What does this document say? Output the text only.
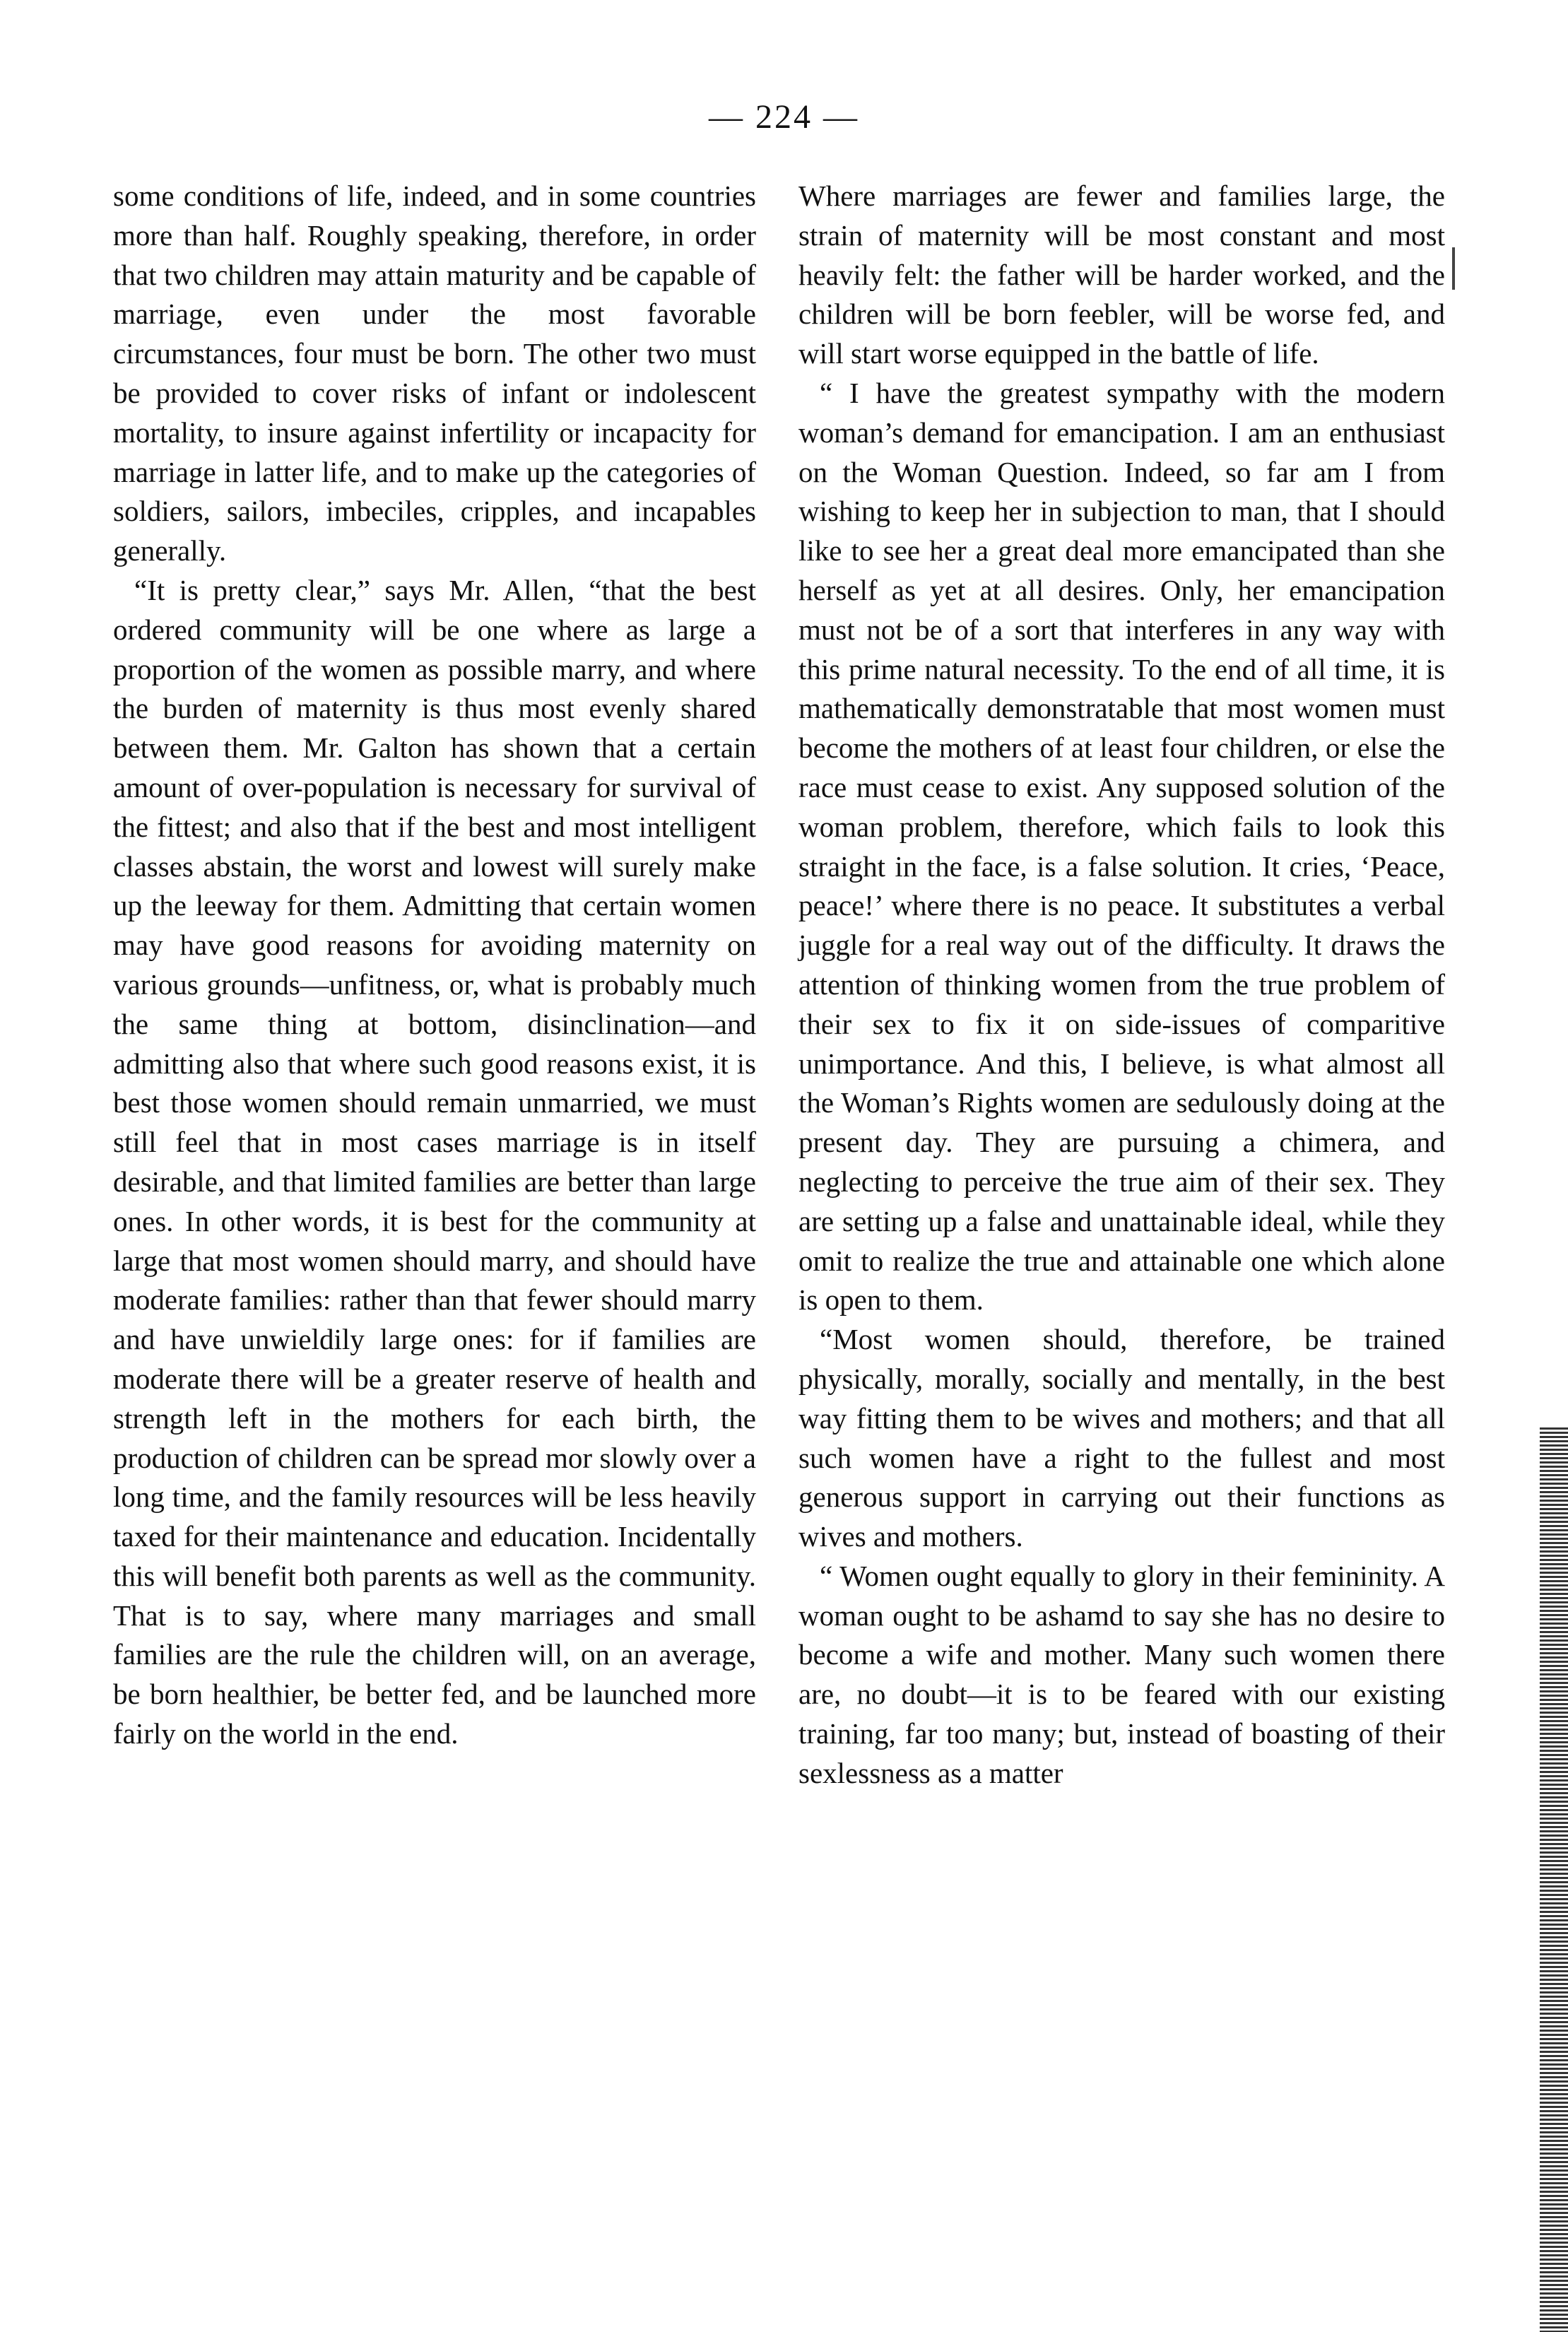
— 224 —

some conditions of life, indeed, and in some countries more than half. Roughly speaking, therefore, in order that two children may attain maturity and be capable of marriage, even under the most favorable circumstances, four must be born. The other two must be provided to cover risks of infant or indolescent mortality, to insure against infertility or incapacity for marriage in latter life, and to make up the categories of soldiers, sailors, imbeciles, cripples, and incapables generally.

“It is pretty clear,” says Mr. Allen, “that the best ordered community will be one where as large a proportion of the women as possible marry, and where the burden of maternity is thus most evenly shared between them. Mr. Galton has shown that a certain amount of over-population is necessary for survival of the fittest; and also that if the best and most intelligent classes abstain, the worst and lowest will surely make up the leeway for them. Admitting that certain women may have good reasons for avoiding maternity on various grounds—unfitness, or, what is probably much the same thing at bottom, disinclination—and admitting also that where such good reasons exist, it is best those women should remain unmarried, we must still feel that in most cases marriage is in itself desirable, and that limited families are better than large ones. In other words, it is best for the community at large that most women should marry, and should have moderate families: rather than that fewer should marry and have unwieldily large ones: for if families are moderate there will be a greater reserve of health and strength left in the mothers for each birth, the production of children can be spread mor slowly over a long time, and the family resources will be less heavily taxed for their maintenance and education. Incidentally this will benefit both parents as well as the community. That is to say, where many marriages and small families are the rule the children will, on an average, be born healthier, be better fed, and be launched more fairly on the world in the end.

Where marriages are fewer and families large, the strain of maternity will be most constant and most heavily felt: the father will be harder worked, and the children will be born feebler, will be worse fed, and will start worse equipped in the battle of life.

“ I have the greatest sympathy with the modern woman’s demand for emancipation. I am an enthusiast on the Woman Question. Indeed, so far am I from wishing to keep her in subjection to man, that I should like to see her a great deal more emancipated than she herself as yet at all desires. Only, her emancipation must not be of a sort that interferes in any way with this prime natural necessity. To the end of all time, it is mathematically demonstratable that most women must become the mothers of at least four children, or else the race must cease to exist. Any supposed solution of the woman problem, therefore, which fails to look this straight in the face, is a false solution. It cries, ‘Peace, peace!’ where there is no peace. It substitutes a verbal juggle for a real way out of the difficulty. It draws the attention of thinking women from the true problem of their sex to fix it on side-issues of comparitive unimportance. And this, I believe, is what almost all the Woman’s Rights women are sedulously doing at the present day. They are pursuing a chimera, and neglecting to perceive the true aim of their sex. They are setting up a false and unattainable ideal, while they omit to realize the true and attainable one which alone is open to them.

“Most women should, therefore, be trained physically, morally, socially and mentally, in the best way fitting them to be wives and mothers; and that all such women have a right to the fullest and most generous support in carrying out their functions as wives and mothers.

“ Women ought equally to glory in their femininity. A woman ought to be ashamd to say she has no desire to become a wife and mother. Many such women there are, no doubt—it is to be feared with our existing training, far too many; but, instead of boasting of their sexlessness as a matter
